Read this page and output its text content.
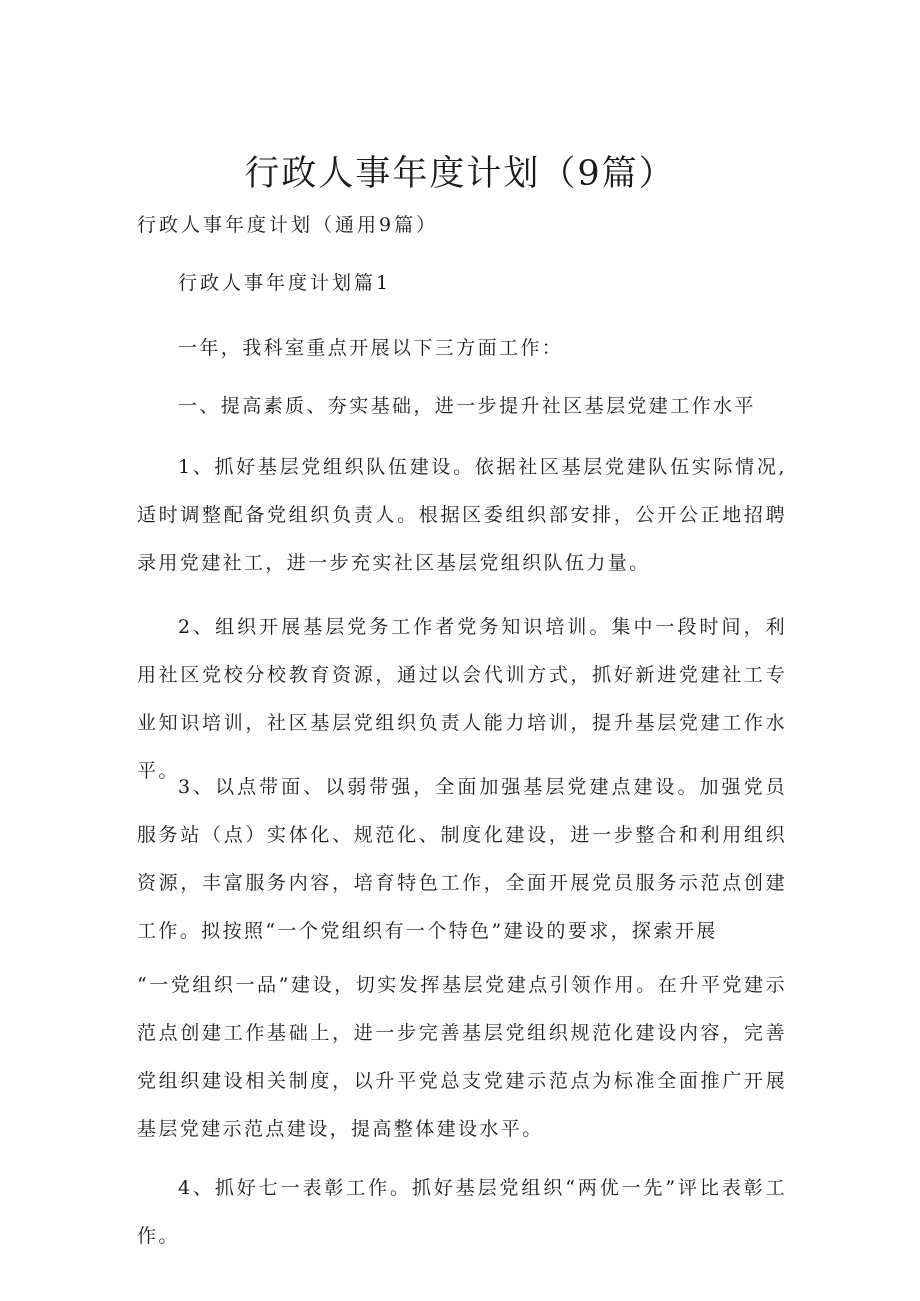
行政人事年度计划（9篇）

行政人事年度计划（通用9篇）

行政人事年度计划篇1

一年，我科室重点开展以下三方面工作：

一、提高素质、夯实基础，进一步提升社区基层党建工作水平

1、抓好基层党组织队伍建设。依据社区基层党建队伍实际情况,适时调整配备党组织负责人。根据区委组织部安排，公开公正地招聘录用党建社工，进一步充实社区基层党组织队伍力量。

2、组织开展基层党务工作者党务知识培训。集中一段时间，利用社区党校分校教育资源，通过以会代训方式，抓好新进党建社工专业知识培训，社区基层党组织负责人能力培训，提升基层党建工作水平。

3、以点带面、以弱带强，全面加强基层党建点建设。加强党员服务站（点）实体化、规范化、制度化建设，进一步整合和利用组织资源，丰富服务内容，培育特色工作，全面开展党员服务示范点创建工作。拟按照“一个党组织有一个特色”建设的要求，探索开展

“一党组织一品”建设，切实发挥基层党建点引领作用。在升平党建示范点创建工作基础上，进一步完善基层党组织规范化建设内容，完善党组织建设相关制度，以升平党总支党建示范点为标准全面推广开展基层党建示范点建设，提高整体建设水平。

4、抓好七一表彰工作。抓好基层党组织“两优一先”评比表彰工作。
